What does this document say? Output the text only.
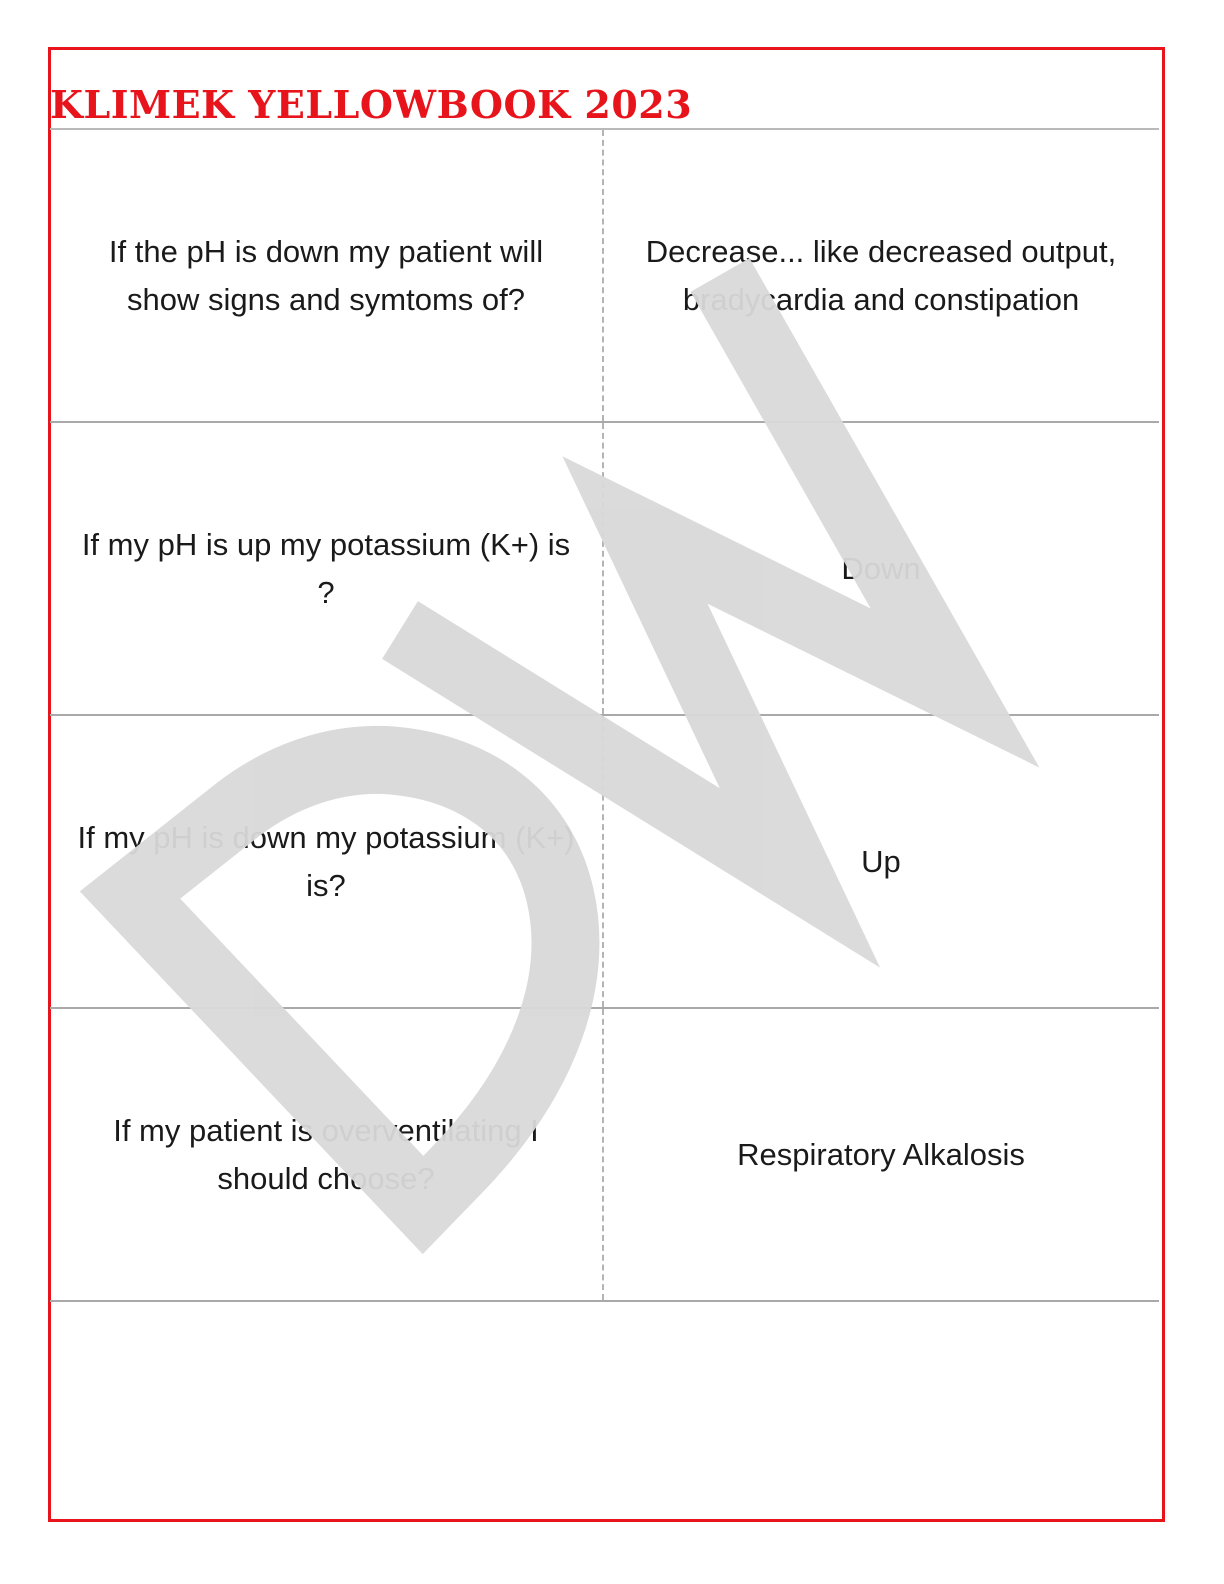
KLIMEK YELLOWBOOK 2023
If the pH is down my patient will show signs and symtoms of?
Decrease... like decreased output, bradycardia and constipation
If my pH is up my potassium (K+) is ?
Down
If my pH is down my potassium (K+) is?
Up
If my patient is overventilating I should choose?
Respiratory Alkalosis
